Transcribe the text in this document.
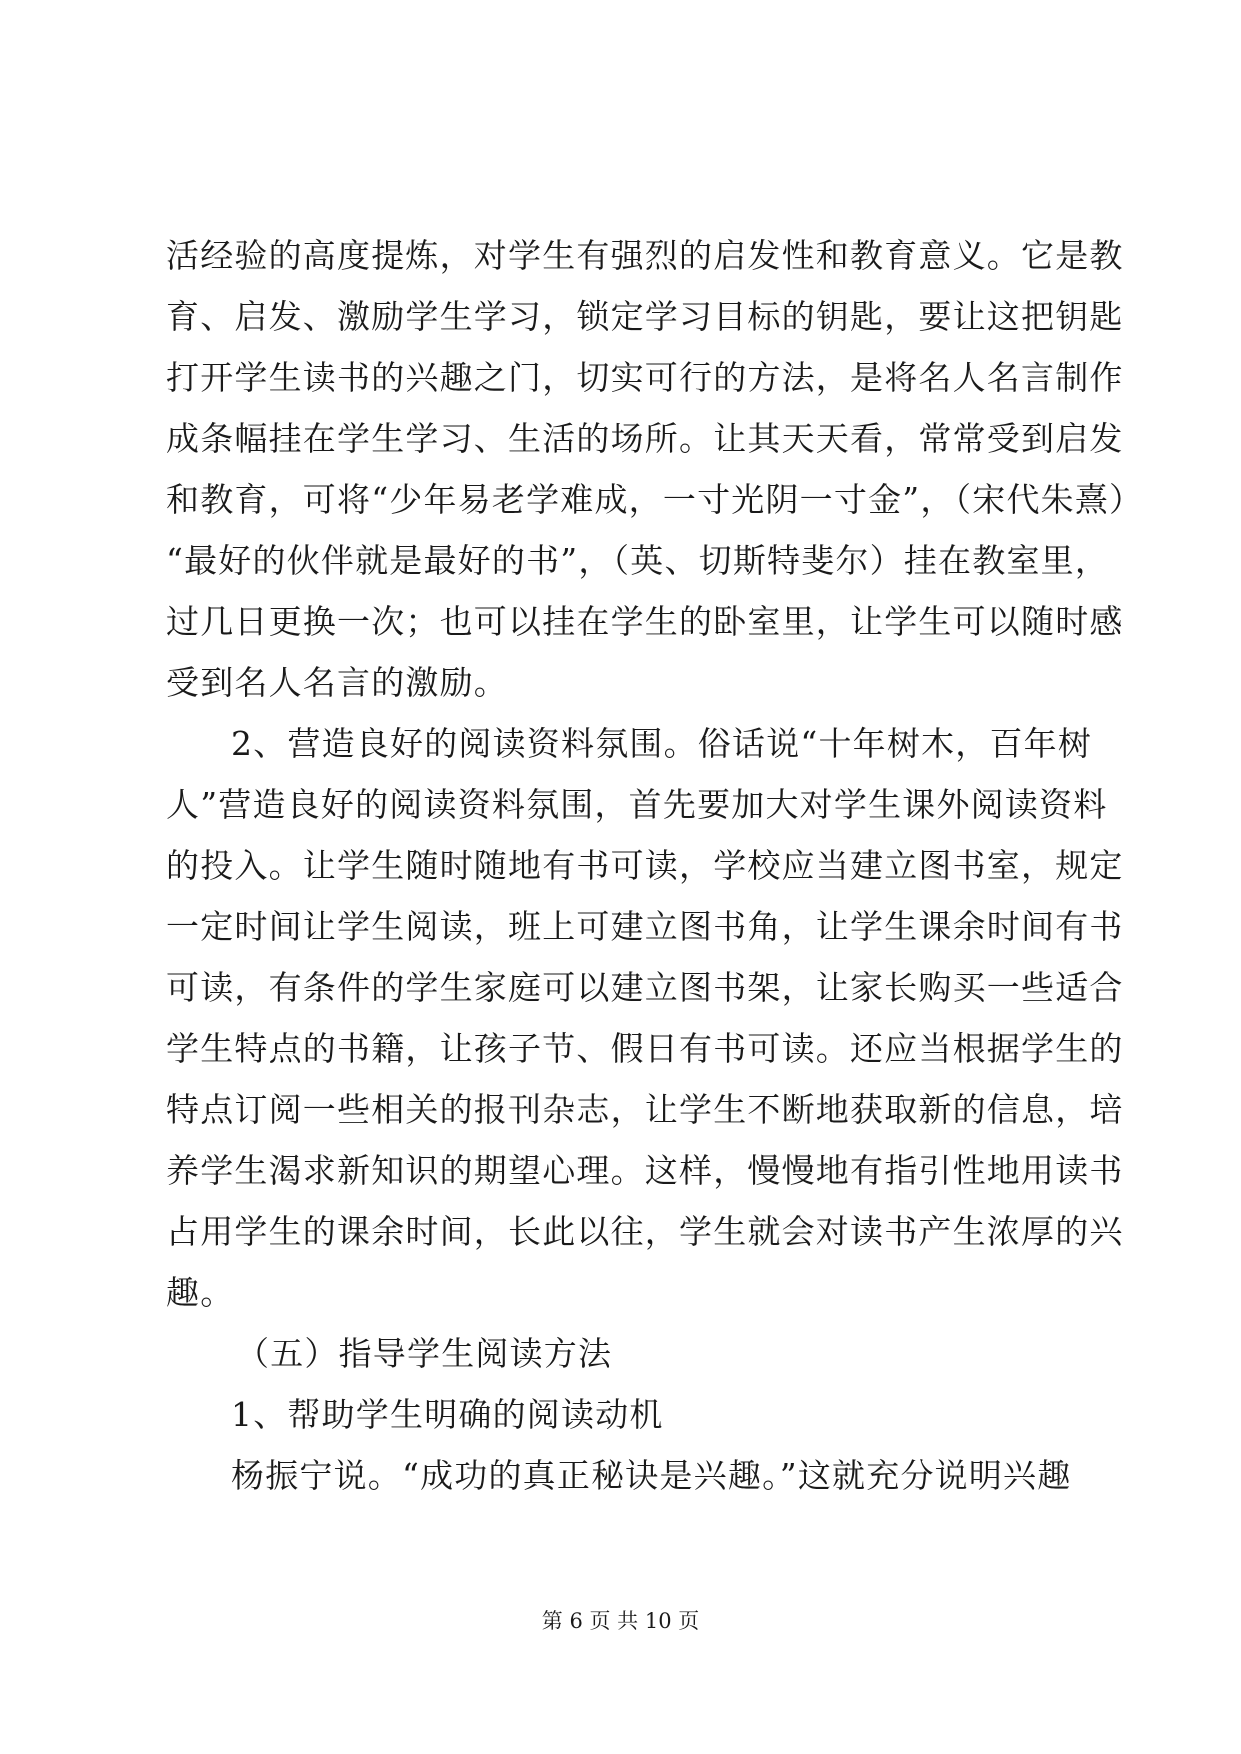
活经验的高度提炼，对学生有强烈的启发性和教育意义。它是教
育、启发、激励学生学习，锁定学习目标的钥匙，要让这把钥匙
打开学生读书的兴趣之门，切实可行的方法，是将名人名言制作
成条幅挂在学生学习、生活的场所。让其天天看，常常受到启发
和教育，可将“少年易老学难成，一寸光阴一寸金”，（宋代朱熹）
“最好的伙伴就是最好的书”，（英、切斯特斐尔）挂在教室里，
过几日更换一次；也可以挂在学生的卧室里，让学生可以随时感
受到名人名言的激励。
2、营造良好的阅读资料氛围。俗话说“十年树木，百年树
人”营造良好的阅读资料氛围，首先要加大对学生课外阅读资料
的投入。让学生随时随地有书可读，学校应当建立图书室，规定
一定时间让学生阅读，班上可建立图书角，让学生课余时间有书
可读，有条件的学生家庭可以建立图书架，让家长购买一些适合
学生特点的书籍，让孩子节、假日有书可读。还应当根据学生的
特点订阅一些相关的报刊杂志，让学生不断地获取新的信息，培
养学生渴求新知识的期望心理。这样，慢慢地有指引性地用读书
占用学生的课余时间，长此以往，学生就会对读书产生浓厚的兴
趣。
（五）指导学生阅读方法
1、帮助学生明确的阅读动机
杨振宁说。“成功的真正秘诀是兴趣。”这就充分说明兴趣
第 6 页 共 10 页
